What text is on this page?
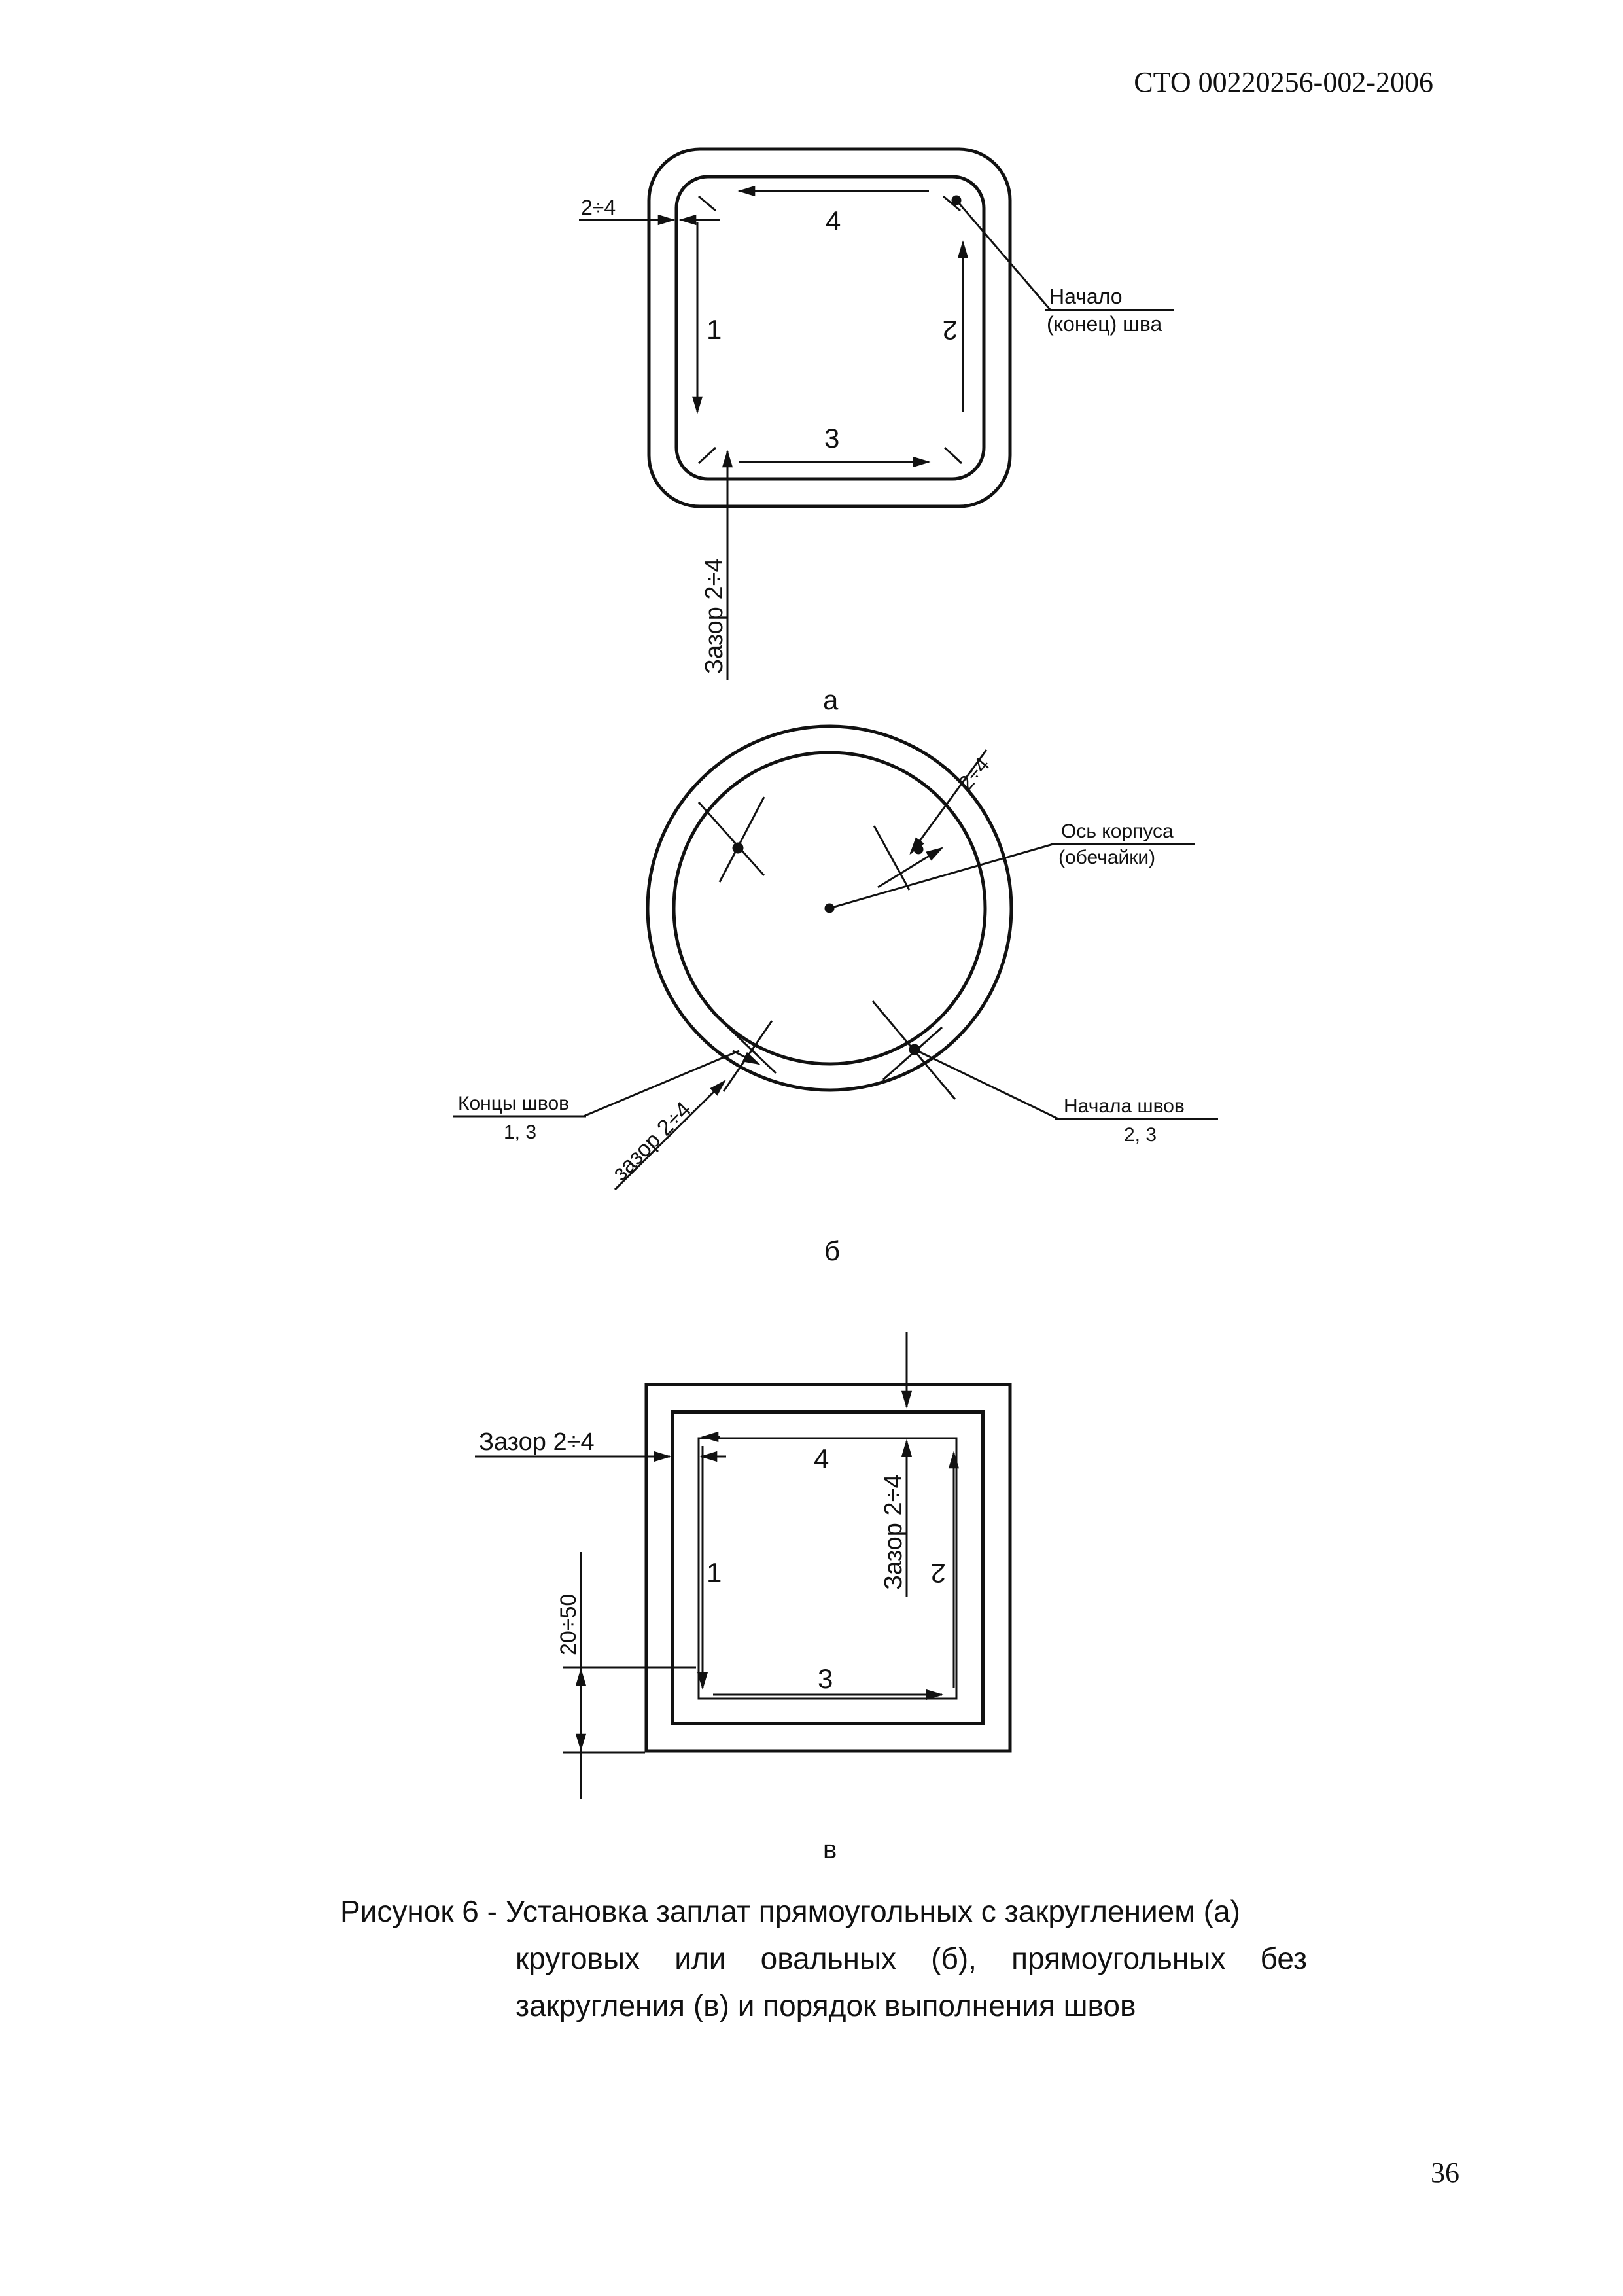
СТО 00220256-002-2006
4
1	2
3
2÷4
Начало
(конец) шва
Зазор 2÷4
а
Ось корпуса
(обечайки)
2÷4
Концы швов
1, 3
Начала швов
2, 3
зазор 2÷4
б
4
1	2
3
Зазор 2÷4
Зазор 2÷4
20÷50
в
Рисунок 6 - Установка заплат прямоугольных с закруглением (а)
круговых или овальных (б), прямоугольных без
закругления (в) и порядок выполнения швов
36
